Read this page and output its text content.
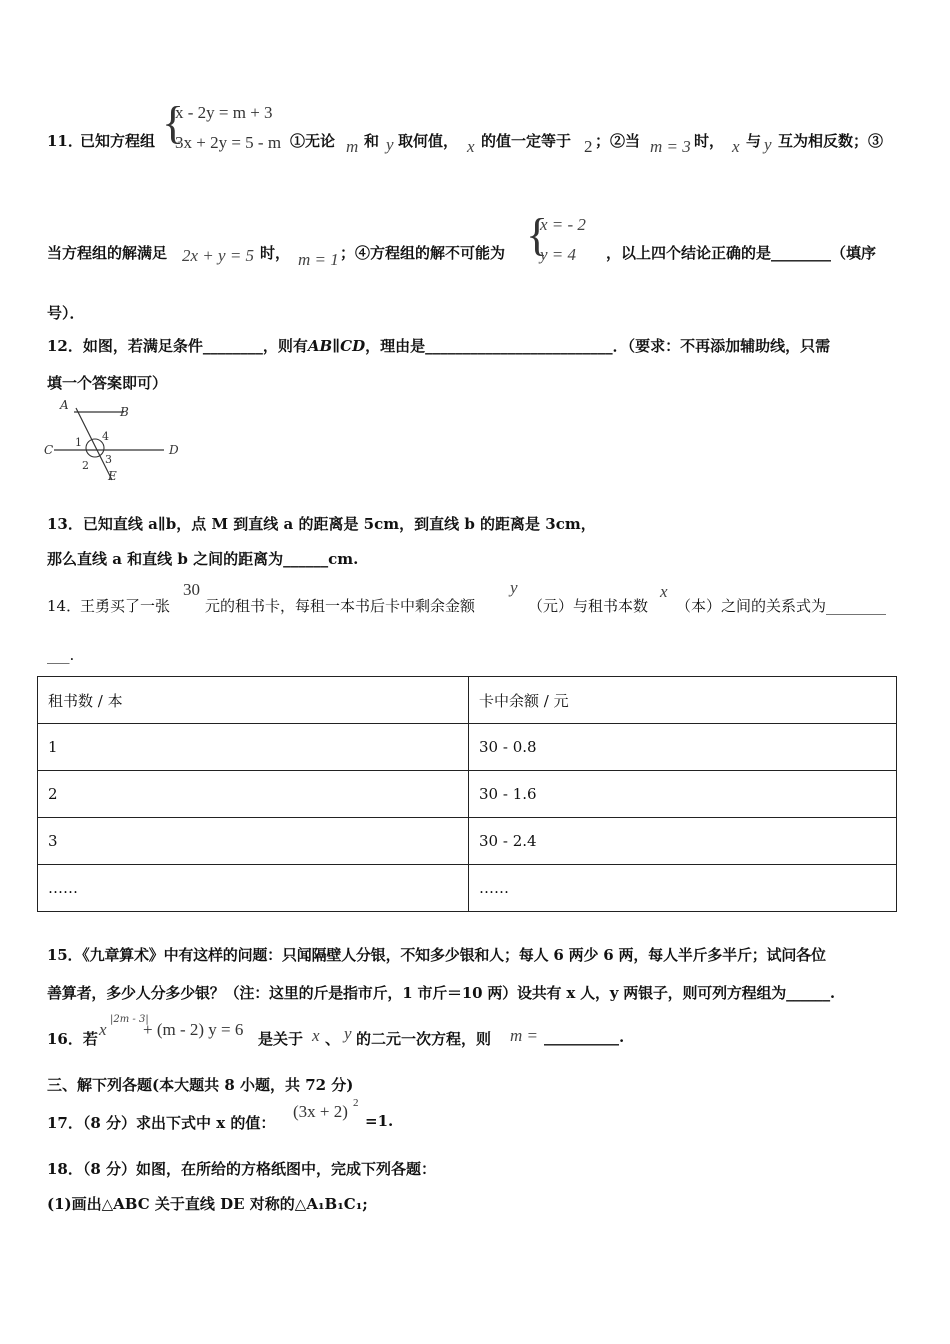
11．
已知方程组 {
x - 2y = m + 3
3x + 2y = 5 - m ①无论 m 和 y 取何值， x 的值一定等于 2 ；②当 m = 3 时， x 与 y 互为相反数；③
当方程组的解满足 2x + y = 5 时， m = 1 ；④方程组的解不可能为 {
x = - 2
y = 4 ，以上四个结论正确的是________（填序
号）．
12．如图，若满足条件________，则有AB∥CD，理由是_________________________．（要求：不再添加辅助线，只需
填一个答案即可）
A	B
C	D
E
1
2 3
4
13．已知直线 a∥b，点 M 到直线 a 的距离是 5cm，到直线 b 的距离是 3cm，
那么直线 a 和直线 b 之间的距离为______cm.
14．
王勇买了一张
30
元的租书卡，每租一本书后卡中剩余金额
y
（元）与租书本数
x
（本）之间的关系式为________
___.
租书数 / 本	卡中余额 / 元
1	30 - 0.8
2	30 - 1.6
3	30 - 2.4
……	……
15．《九章算术》中有这样的问题：只闻隔壁人分银，不知多少银和人；每人 6 两少 6 两，每人半斤多半斤；试问各位
善算者，多少人分多少银？（注：这里的斤是指市斤，1 市斤＝10 两）设共有 x 人，y 两银子，则可列方程组为______.
16．若 x
|2m - 3|
+ (m - 2) y = 6 是关于 x 、 y 的二元一次方程，则 m = __________.
三、解下列各题(本大题共 8 小题，共 72 分)
17．（8 分）求出下式中 x 的值：
(3x + 2) 2
=1.
18．（8 分）如图，在所给的方格纸图中，完成下列各题：
(1)画出△ABC 关于直线 DE 对称的△A₁B₁C₁;
